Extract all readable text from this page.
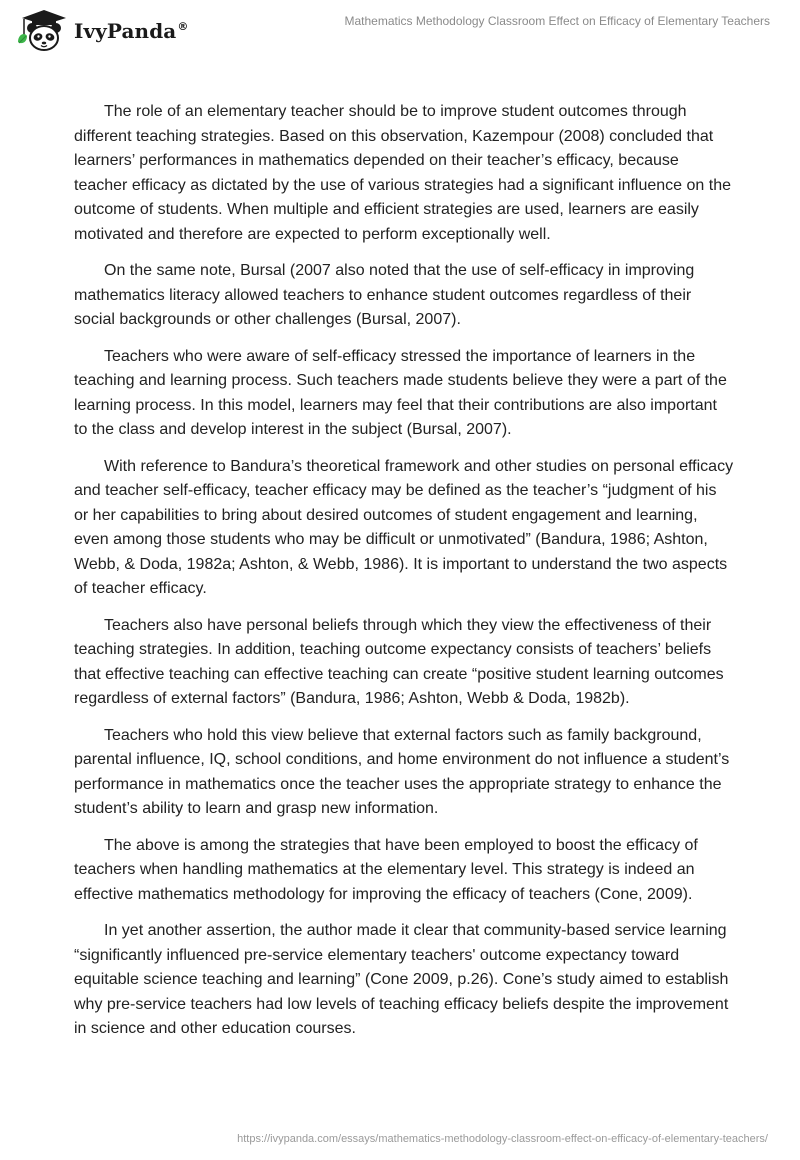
IvyPanda®	Mathematics Methodology Classroom Effect on Efficacy of Elementary Teachers

The role of an elementary teacher should be to improve student outcomes through different teaching strategies. Based on this observation, Kazempour (2008) concluded that learners’ performances in mathematics depended on their teacher’s efficacy, because teacher efficacy as dictated by the use of various strategies had a significant influence on the outcome of students. When multiple and efficient strategies are used, learners are easily motivated and therefore are expected to perform exceptionally well.

On the same note, Bursal (2007 also noted that the use of self-efficacy in improving mathematics literacy allowed teachers to enhance student outcomes regardless of their social backgrounds or other challenges (Bursal, 2007).

Teachers who were aware of self-efficacy stressed the importance of learners in the teaching and learning process. Such teachers made students believe they were a part of the learning process. In this model, learners may feel that their contributions are also important to the class and develop interest in the subject (Bursal, 2007).

With reference to Bandura’s theoretical framework and other studies on personal efficacy and teacher self-efficacy, teacher efficacy may be defined as the teacher’s “judgment of his or her capabilities to bring about desired outcomes of student engagement and learning, even among those students who may be difficult or unmotivated” (Bandura, 1986; Ashton, Webb, & Doda, 1982a; Ashton, & Webb, 1986). It is important to understand the two aspects of teacher efficacy.

Teachers also have personal beliefs through which they view the effectiveness of their teaching strategies. In addition, teaching outcome expectancy consists of teachers’ beliefs that effective teaching can effective teaching can create “positive student learning outcomes regardless of external factors” (Bandura, 1986; Ashton, Webb & Doda, 1982b).

Teachers who hold this view believe that external factors such as family background, parental influence, IQ, school conditions, and home environment do not influence a student’s performance in mathematics once the teacher uses the appropriate strategy to enhance the student’s ability to learn and grasp new information.

The above is among the strategies that have been employed to boost the efficacy of teachers when handling mathematics at the elementary level. This strategy is indeed an effective mathematics methodology for improving the efficacy of teachers (Cone, 2009).

In yet another assertion, the author made it clear that community-based service learning “significantly influenced pre-service elementary teachers' outcome expectancy toward equitable science teaching and learning” (Cone 2009, p.26). Cone’s study aimed to establish why pre-service teachers had low levels of teaching efficacy beliefs despite the improvement in science and other education courses.

https://ivypanda.com/essays/mathematics-methodology-classroom-effect-on-efficacy-of-elementary-teachers/
